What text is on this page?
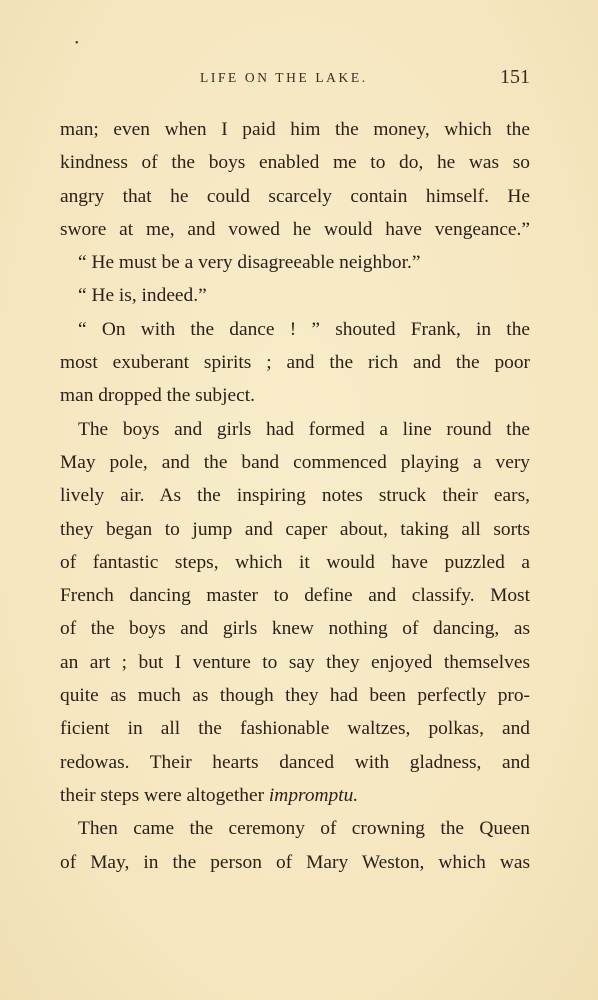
•
LIFE ON THE LAKE.	151
man; even when I paid him the money, which the
kindness of the boys enabled me to do, he was so
angry that he could scarcely contain himself. He
swore at me, and vowed he would have vengeance.”
“ He must be a very disagreeable neighbor.”
“ He is, indeed.”
“ On with the dance ! ” shouted Frank, in the
most exuberant spirits ; and the rich and the poor
man dropped the subject.
The boys and girls had formed a line round the
May pole, and the band commenced playing a very
lively air. As the inspiring notes struck their ears,
they began to jump and caper about, taking all sorts
of fantastic steps, which it would have puzzled a
French dancing master to define and classify. Most
of the boys and girls knew nothing of dancing, as
an art ; but I venture to say they enjoyed themselves
quite as much as though they had been perfectly pro-
ficient in all the fashionable waltzes, polkas, and
redowas. Their hearts danced with gladness, and
their steps were altogether impromptu.
Then came the ceremony of crowning the Queen
of May, in the person of Mary Weston, which was
